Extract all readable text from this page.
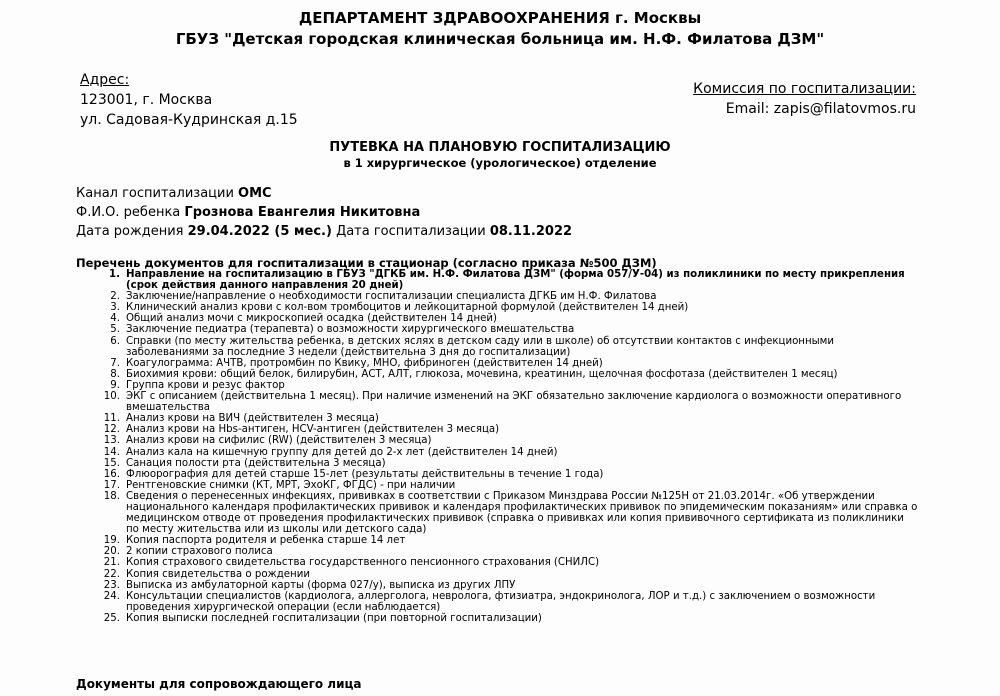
ДЕПАРТАМЕНТ ЗДРАВООХРАНЕНИЯ г. Москвы
ГБУЗ "Детская городская клиническая больница им. Н.Ф. Филатова ДЗМ"
Адрес:
123001, г. Москва
ул. Садовая-Кудринская д.15
Комиссия по госпитализации:
Email: zapis@filatovmos.ru
ПУТЕВКА НА ПЛАНОВУЮ ГОСПИТАЛИЗАЦИЮ
в 1 хирургическое (урологическое) отделение
Канал госпитализации ОМС
Ф.И.О. ребенка Грознова Евангелия Никитовна
Дата рождения 29.04.2022 (5 мес.) Дата госпитализации 08.11.2022
Перечень документов для госпитализации в стационар (согласно приказа №500 ДЗМ)
1. Направление на госпитализацию в ГБУЗ "ДГКБ им. Н.Ф. Филатова ДЗМ" (форма 057/У-04) из поликлиники по месту прикрепления (срок действия данного направления 20 дней)
2. Заключение/направление о необходимости госпитализации специалиста ДГКБ им Н.Ф. Филатова
3. Клинический анализ крови с кол-вом тромбоцитов и лейкоцитарной формулой (действителен 14 дней)
4. Общий анализ мочи с микроскопией осадка (действителен 14 дней)
5. Заключение педиатра (терапевта) о возможности хирургического вмешательства
6. Справки (по месту жительства ребенка, в детских яслях в детском саду или в школе) об отсутствии контактов с инфекционными заболеваниями за последние 3 недели (действительна 3 дня до госпитализации)
7. Коагулограмма: АЧТВ, протромбин по Квику, МНО, фибриноген (действителен 14 дней)
8. Биохимия крови: общий белок, билирубин, АСТ, АЛТ, глюкоза, мочевина, креатинин, щелочная фосфотаза (действителен 1 месяц)
9. Группа крови и резус фактор
10. ЭКГ с описанием (действительна 1 месяц). При наличие изменений на ЭКГ обязательно заключение кардиолога о возможности оперативного вмешательства
11. Анализ крови на ВИЧ (действителен 3 месяца)
12. Анализ крови на Hbs-антиген, HCV-антиген (действителен 3 месяца)
13. Анализ крови на сифилис (RW) (действителен 3 месяца)
14. Анализ кала на кишечную группу для детей до 2-х лет (действителен 14 дней)
15. Санация полости рта (действительна 3 месяца)
16. Флюорография для детей старше 15-лет (результаты действительны в течение 1 года)
17. Рентгеновские снимки (КТ, МРТ, ЭхоКГ, ФГДС) - при наличии
18. Сведения о перенесенных инфекциях, прививках в соответствии с Приказом Минздрава России №125Н от 21.03.2014г. «Об утверждении национального календаря профилактических прививок и календаря профилактических прививок по эпидемическим показаниям» или справка о медицинском отводе от проведения профилактических прививок (справка о прививках или копия прививочного сертификата из поликлиники по месту жительства или из школы или детского сада)
19. Копия паспорта родителя и ребенка старше 14 лет
20. 2 копии страхового полиса
21. Копия страхового свидетельства государственного пенсионного страхования (СНИЛС)
22. Копия свидетельства о рождении
23. Выписка из амбулаторной карты (форма 027/у), выписка из других ЛПУ
24. Консультации специалистов (кардиолога, аллерголога, невролога, фтизиатра, эндокринолога, ЛОР и т.д.) с заключением о возможности проведения хирургической операции (если наблюдается)
25. Копия выписки последней госпитализации (при повторной госпитализации)
Документы для сопровождающего лица
